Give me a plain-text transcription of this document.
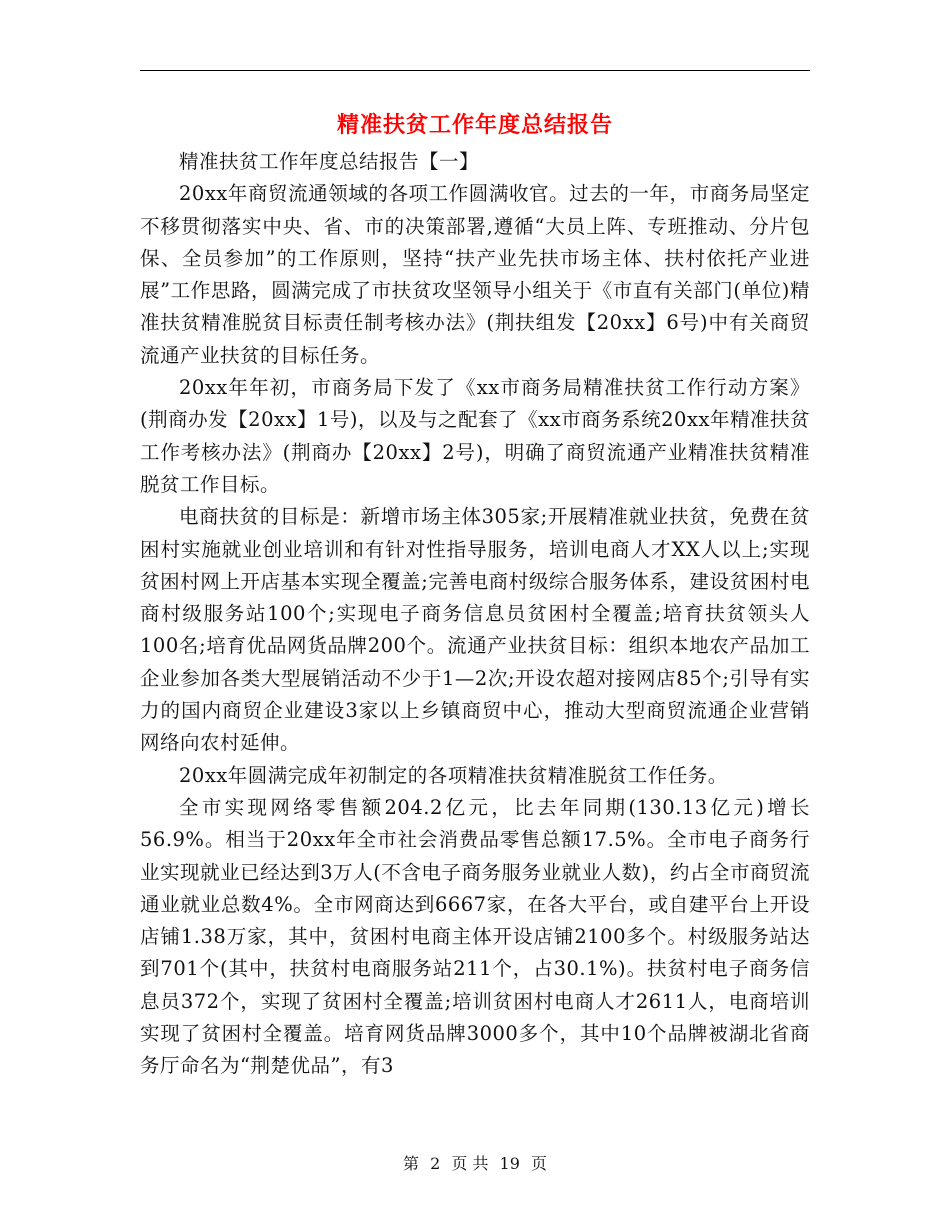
精准扶贫工作年度总结报告

精准扶贫工作年度总结报告【一】

20xx年商贸流通领域的各项工作圆满收官。过去的一年，市商务局坚定不移贯彻落实中央、省、市的决策部署,遵循“大员上阵、专班推动、分片包保、全员参加”的工作原则，坚持“扶产业先扶市场主体、扶村依托产业进展”工作思路，圆满完成了市扶贫攻坚领导小组关于《市直有关部门(单位)精准扶贫精准脱贫目标责任制考核办法》(荆扶组发【20xx】6号)中有关商贸流通产业扶贫的目标任务。

20xx年年初，市商务局下发了《xx市商务局精准扶贫工作行动方案》(荆商办发【20xx】1号)，以及与之配套了《xx市商务系统20xx年精准扶贫工作考核办法》(荆商办【20xx】2号)，明确了商贸流通产业精准扶贫精准脱贫工作目标。

电商扶贫的目标是：新增市场主体305家;开展精准就业扶贫，免费在贫困村实施就业创业培训和有针对性指导服务，培训电商人才XX人以上;实现贫困村网上开店基本实现全覆盖;完善电商村级综合服务体系，建设贫困村电商村级服务站100个;实现电子商务信息员贫困村全覆盖;培育扶贫领头人100名;培育优品网货品牌200个。流通产业扶贫目标：组织本地农产品加工企业参加各类大型展销活动不少于1—2次;开设农超对接网店85个;引导有实力的国内商贸企业建设3家以上乡镇商贸中心，推动大型商贸流通企业营销网络向农村延伸。

20xx年圆满完成年初制定的各项精准扶贫精准脱贫工作任务。

全市实现网络零售额204.2亿元，比去年同期(130.13亿元)增长56.9%。相当于20xx年全市社会消费品零售总额17.5%。全市电子商务行业实现就业已经达到3万人(不含电子商务服务业就业人数)，约占全市商贸流通业就业总数4%。全市网商达到6667家，在各大平台，或自建平台上开设店铺1.38万家，其中，贫困村电商主体开设店铺2100多个。村级服务站达到701个(其中，扶贫村电商服务站211个，占30.1%)。扶贫村电子商务信息员372个，实现了贫困村全覆盖;培训贫困村电商人才2611人，电商培训实现了贫困村全覆盖。培育网货品牌3000多个，其中10个品牌被湖北省商务厅命名为“荆楚优品”，有3

第 2 页 共 19 页
